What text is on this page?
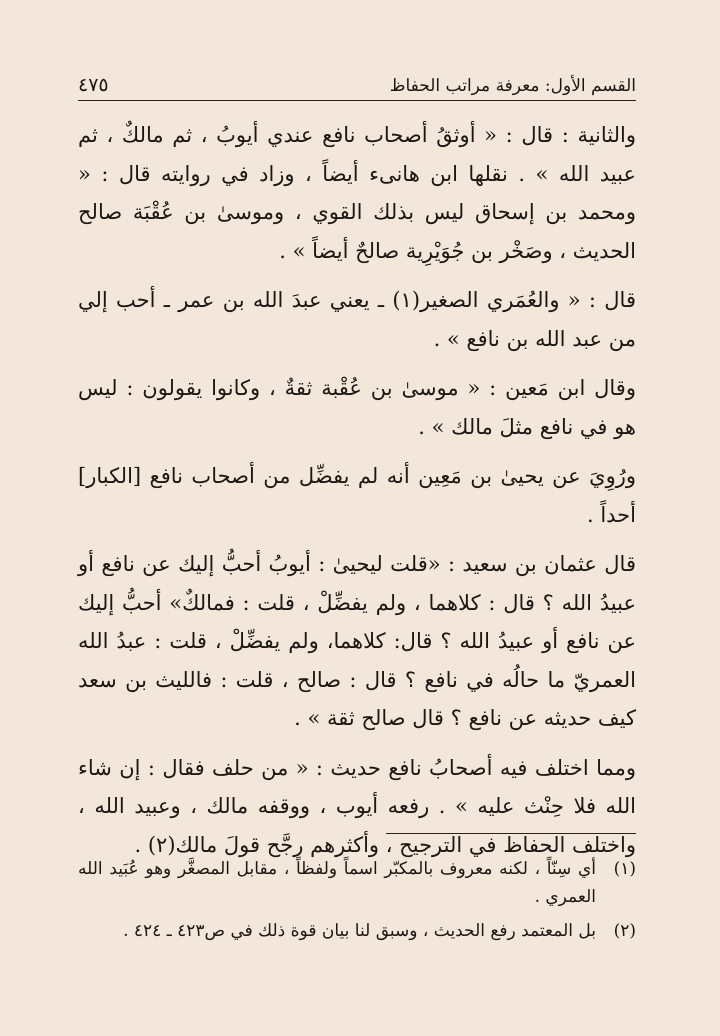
القسم الأول: معرفة مراتب الحفاظ
٤٧٥

والثانية : قال : « أوثقُ أصحاب نافع عندي أيوبُ ، ثم مالكٌ ، ثم عبيد الله » . نقلها ابن هانىء أيضاً ، وزاد في روايته قال : « ومحمد بن إسحاق ليس بذلك القوي ، وموسىٰ بن عُقْبَة صالح الحديث ، وصَخْر بن جُوَيْرِية صالحٌ أيضاً » .

قال : « والعُمَري الصغير(١) ـ يعني عبدَ الله بن عمر ـ أحب إلي من عبد الله بن نافع » .

وقال ابن مَعين : « موسىٰ بن عُقْبة ثقةٌ ، وكانوا يقولون : ليس هو في نافع مثلَ مالك » .

ورُوِيَ عن يحيىٰ بن مَعِين أنه لم يفضِّل من أصحاب نافع [الكبار] أحداً .

قال عثمان بن سعيد : «قلت ليحيىٰ : أيوبُ أحبُّ إليك عن نافع أو عبيدُ الله ؟ قال : كلاهما ، ولم يفضِّلْ ، قلت : فمالكٌ» أحبُّ إليك عن نافع أو عبيدُ الله ؟ قال: كلاهما، ولم يفضِّلْ ، قلت : عبدُ الله العمريّ ما حالُه في نافع ؟ قال : صالح ، قلت : فالليث بن سعد كيف حديثه عن نافع ؟ قال صالح ثقة » .

ومما اختلف فيه أصحابُ نافع حديث : « من حلف فقال : إن شاء الله فلا حِنْث عليه » . رفعه أيوب ، ووقفه مالك ، وعبيد الله ، واختلف الحفاظ في الترجيح ، وأكثرهم رجَّح قولَ مالك(٢) .

(١)
أي سِنّاً ، لكنه معروف بالمكبّر اسماً ولفظاً ، مقابل المصغَّر وهو عُبَيد الله العمري .
(٢)
بل المعتمد رفع الحديث ، وسبق لنا بيان قوة ذلك في ص٤٢٣ ـ ٤٢٤ .
